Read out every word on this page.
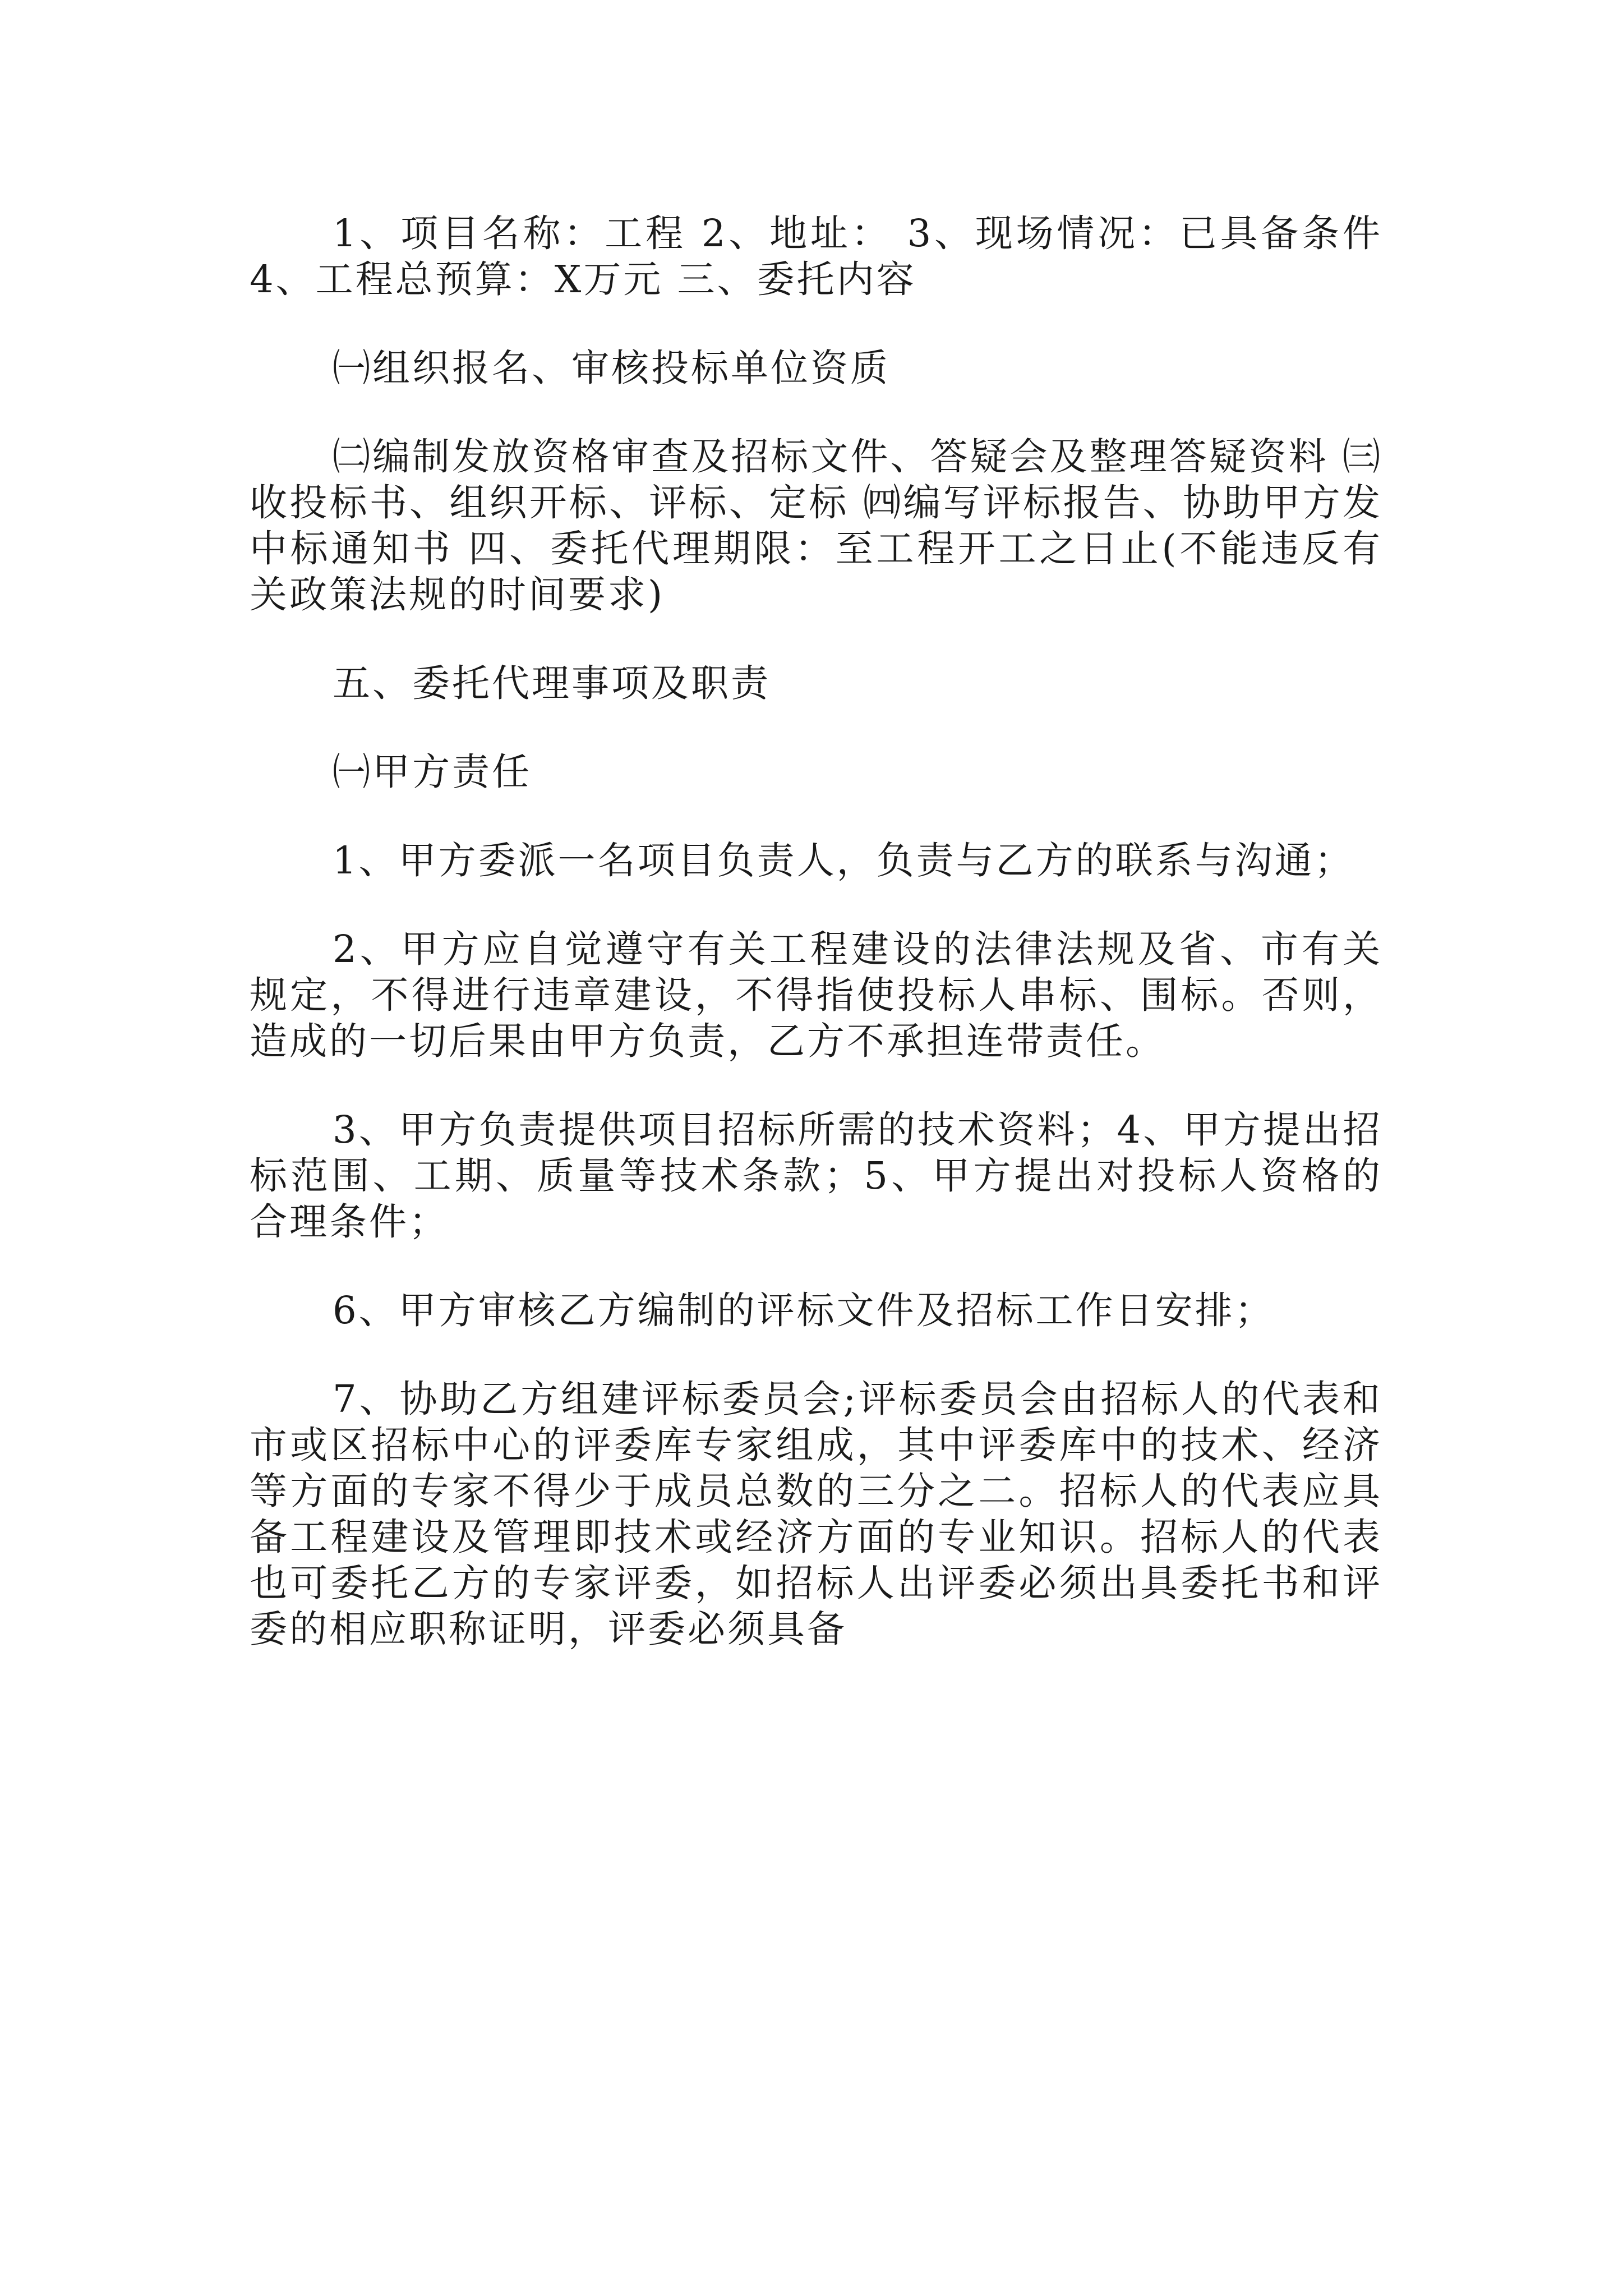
1、项目名称：工程 2、地址： 3、现场情况：已具备条件 4、工程总预算：X万元 三、委托内容

㈠组织报名、审核投标单位资质

㈡编制发放资格审查及招标文件、答疑会及整理答疑资料 ㈢收投标书、组织开标、评标、定标 ㈣编写评标报告、协助甲方发中标通知书 四、委托代理期限：至工程开工之日止(不能违反有关政策法规的时间要求)

五、委托代理事项及职责

㈠甲方责任

1、甲方委派一名项目负责人，负责与乙方的联系与沟通；

2、甲方应自觉遵守有关工程建设的法律法规及省、市有关规定，不得进行违章建设，不得指使投标人串标、围标。否则，造成的一切后果由甲方负责，乙方不承担连带责任。

3、甲方负责提供项目招标所需的技术资料；4、甲方提出招标范围、工期、质量等技术条款；5、甲方提出对投标人资格的合理条件；

6、甲方审核乙方编制的评标文件及招标工作日安排；

7、协助乙方组建评标委员会;评标委员会由招标人的代表和市或区招标中心的评委库专家组成，其中评委库中的技术、经济等方面的专家不得少于成员总数的三分之二。招标人的代表应具备工程建设及管理即技术或经济方面的专业知识。招标人的代表也可委托乙方的专家评委，如招标人出评委必须出具委托书和评委的相应职称证明，评委必须具备
